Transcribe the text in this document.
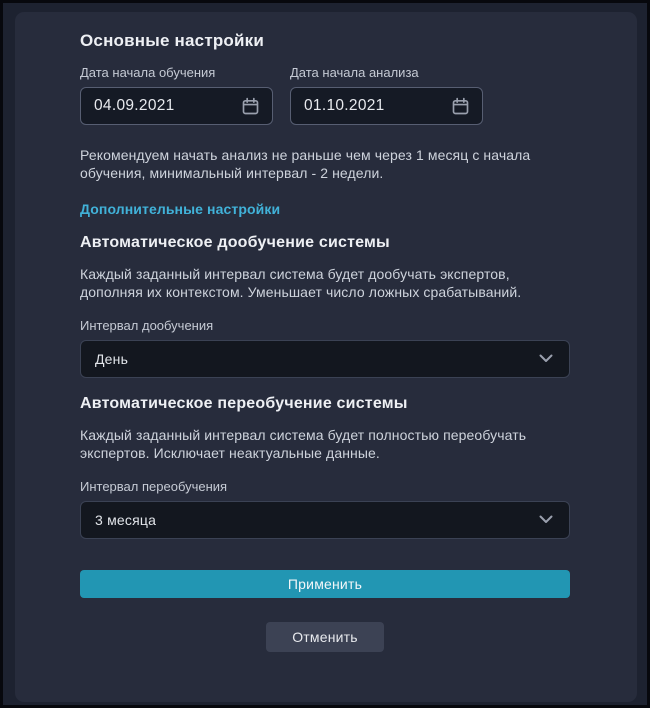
Основные настройки
Дата начала обучения
04.09.2021
Дата начала анализа
01.10.2021

Рекомендуем начать анализ не раньше чем через 1 месяц с начала обучения, минимальный интервал - 2 недели.

Дополнительные настройки
Автоматическое дообучение системы

Каждый заданный интервал система будет дообучать экспертов, дополняя их контекстом. Уменьшает число ложных срабатываний.

Интервал дообучения
День
Автоматическое переобучение системы

Каждый заданный интервал система будет полностью переобучать экспертов. Исключает неактуальные данные.

Интервал переобучения
3 месяца
Применить
Отменить
